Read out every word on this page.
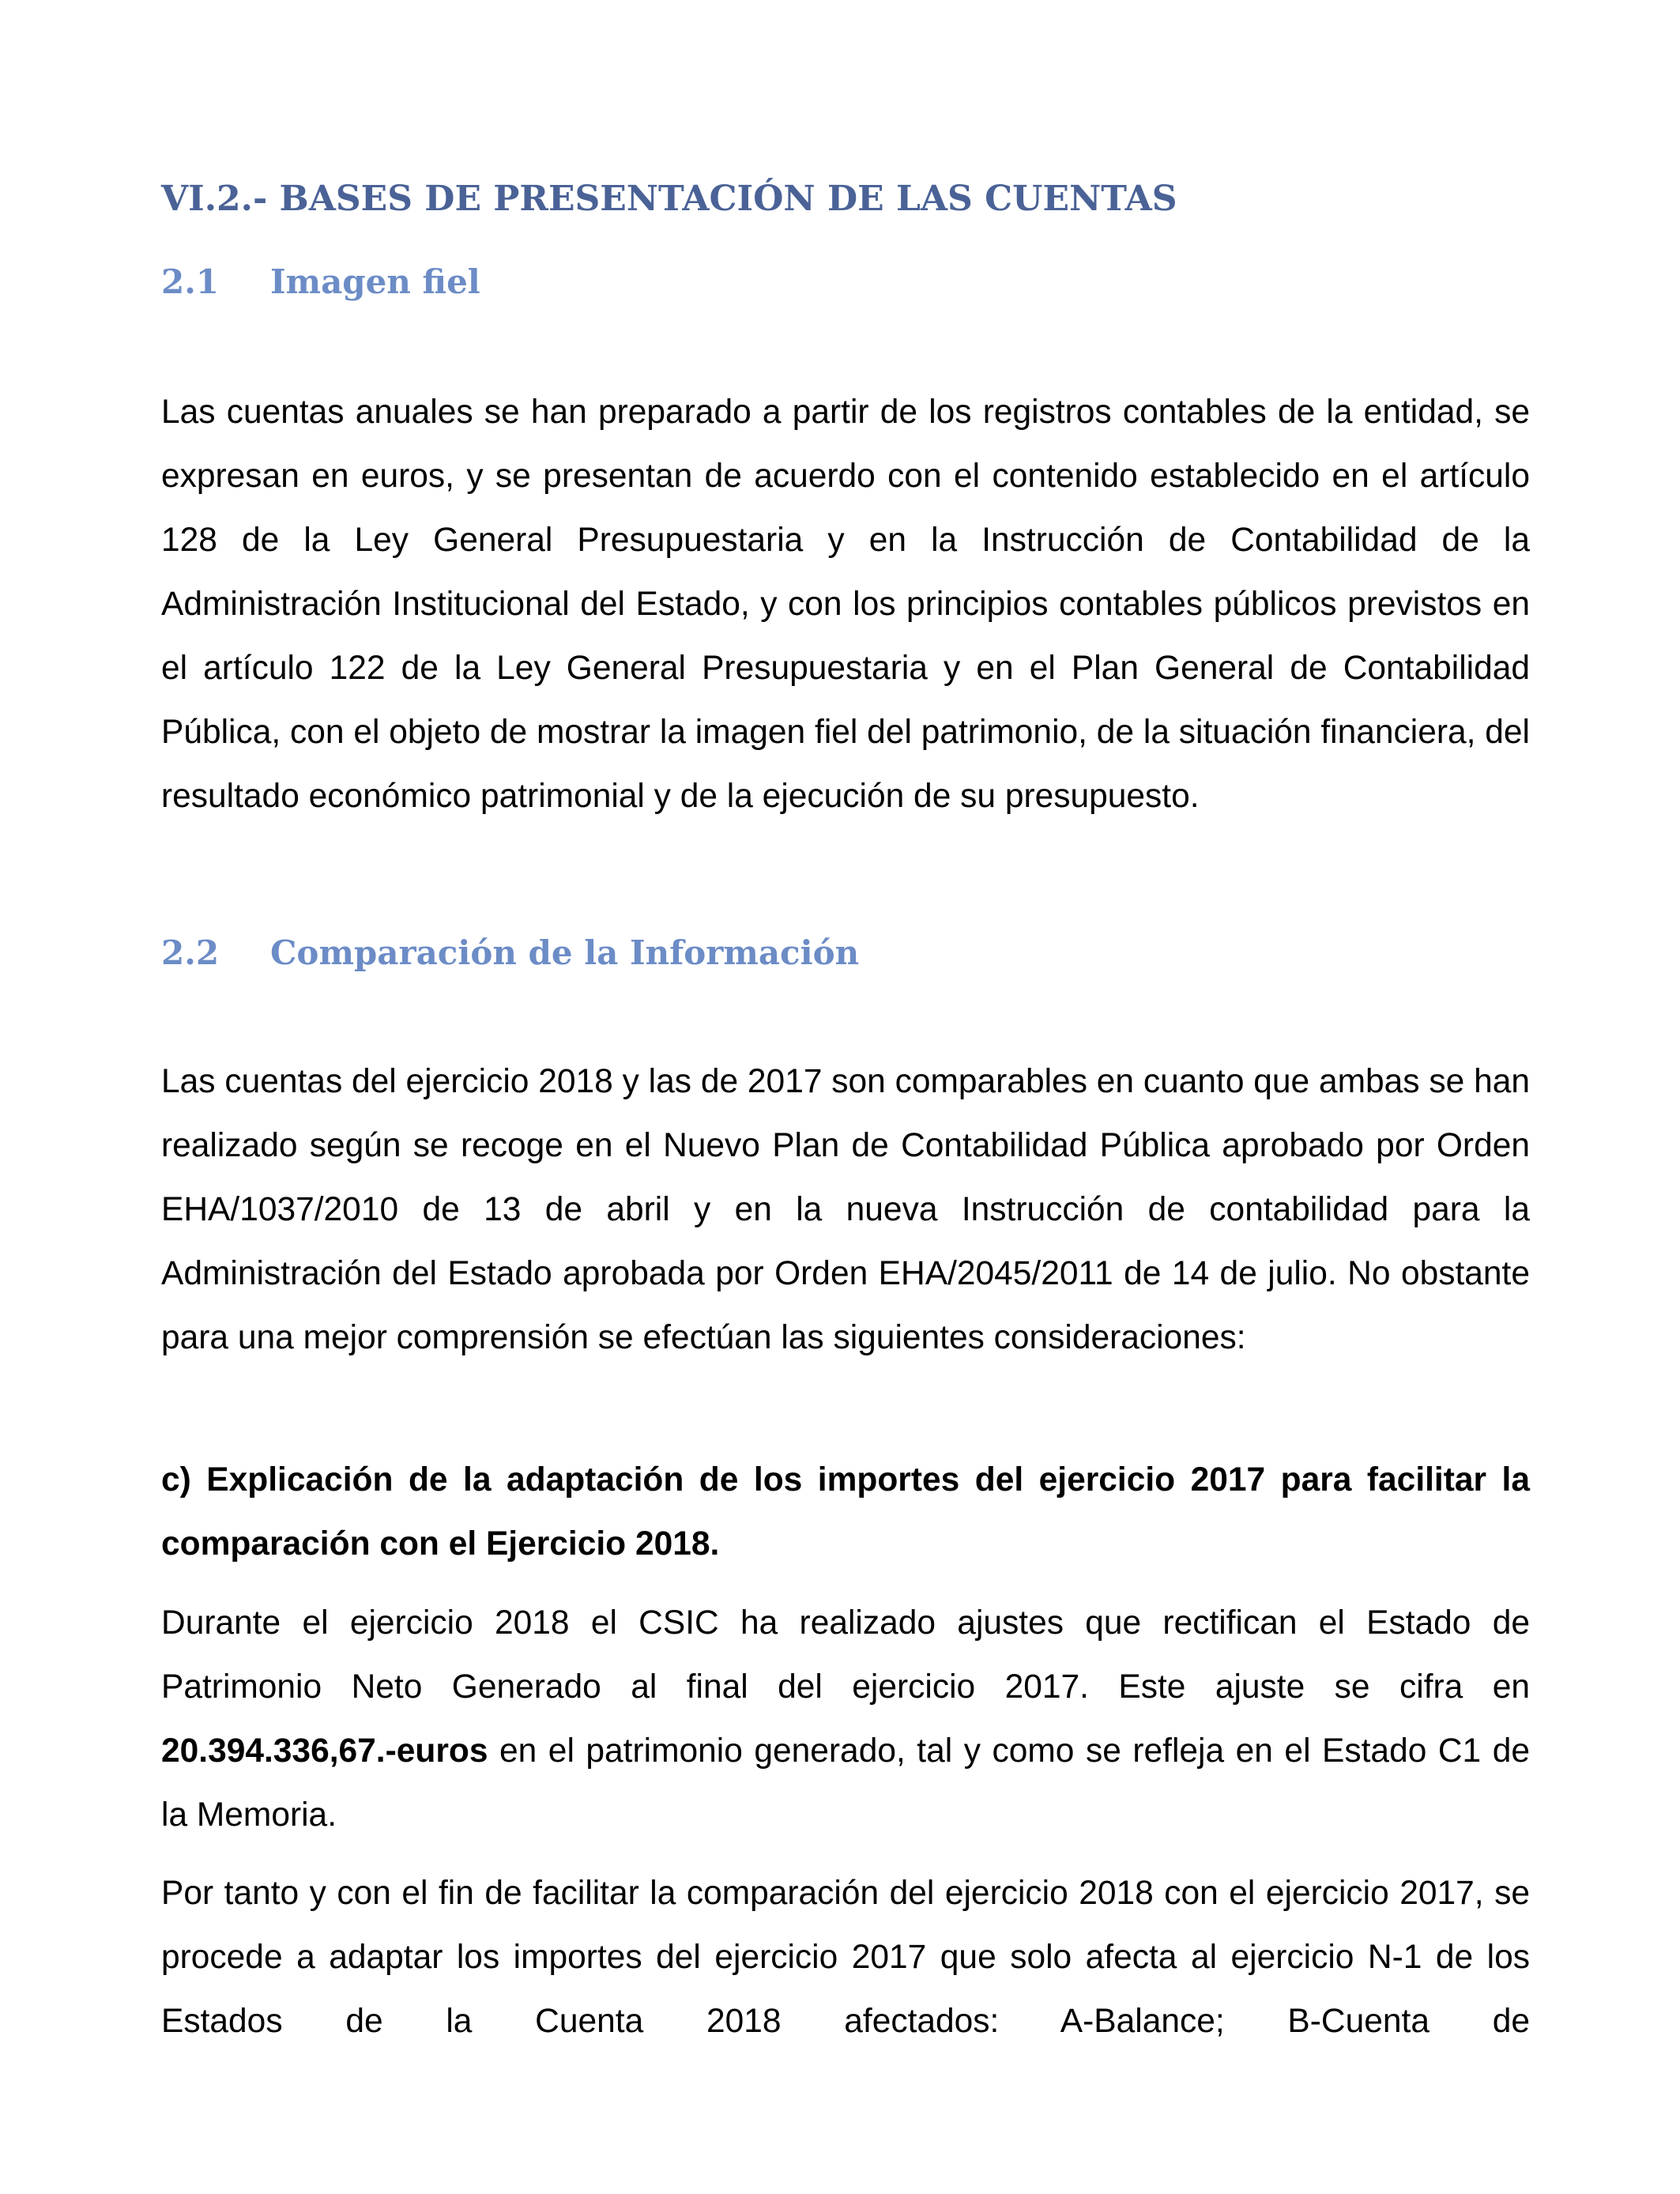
VI.2.- BASES DE PRESENTACIÓN DE LAS CUENTAS
2.1 Imagen fiel

Las cuentas anuales se han preparado a partir de los registros contables de la entidad, se expresan en euros, y se presentan de acuerdo con el contenido establecido en el artículo 128 de la Ley General Presupuestaria y en la Instrucción de Contabilidad de la Administración Institucional del Estado, y con los principios contables públicos previstos en el artículo 122 de la Ley General Presupuestaria y en el Plan General de Contabilidad Pública, con el objeto de mostrar la imagen fiel del patrimonio, de la situación financiera, del resultado económico patrimonial y de la ejecución de su presupuesto.

2.2 Comparación de la Información

Las cuentas del ejercicio 2018 y las de 2017 son comparables en cuanto que ambas se han realizado según se recoge en el Nuevo Plan de Contabilidad Pública aprobado por Orden EHA/1037/2010 de 13 de abril y en la nueva Instrucción de contabilidad para la Administración del Estado aprobada por Orden EHA/2045/2011 de 14 de julio. No obstante para una mejor comprensión se efectúan las siguientes consideraciones:

c) Explicación de la adaptación de los importes del ejercicio 2017 para facilitar la comparación con el Ejercicio 2018.

Durante el ejercicio 2018 el CSIC ha realizado ajustes que rectifican el Estado de Patrimonio Neto Generado al final del ejercicio 2017. Este ajuste se cifra en 20.394.336,67.-euros en el patrimonio generado, tal y como se refleja en el Estado C1 de la Memoria.

Por tanto y con el fin de facilitar la comparación del ejercicio 2018 con el ejercicio 2017, se procede a adaptar los importes del ejercicio 2017 que solo afecta al ejercicio N-1 de los Estados de la Cuenta 2018 afectados: A-Balance; B-Cuenta de
